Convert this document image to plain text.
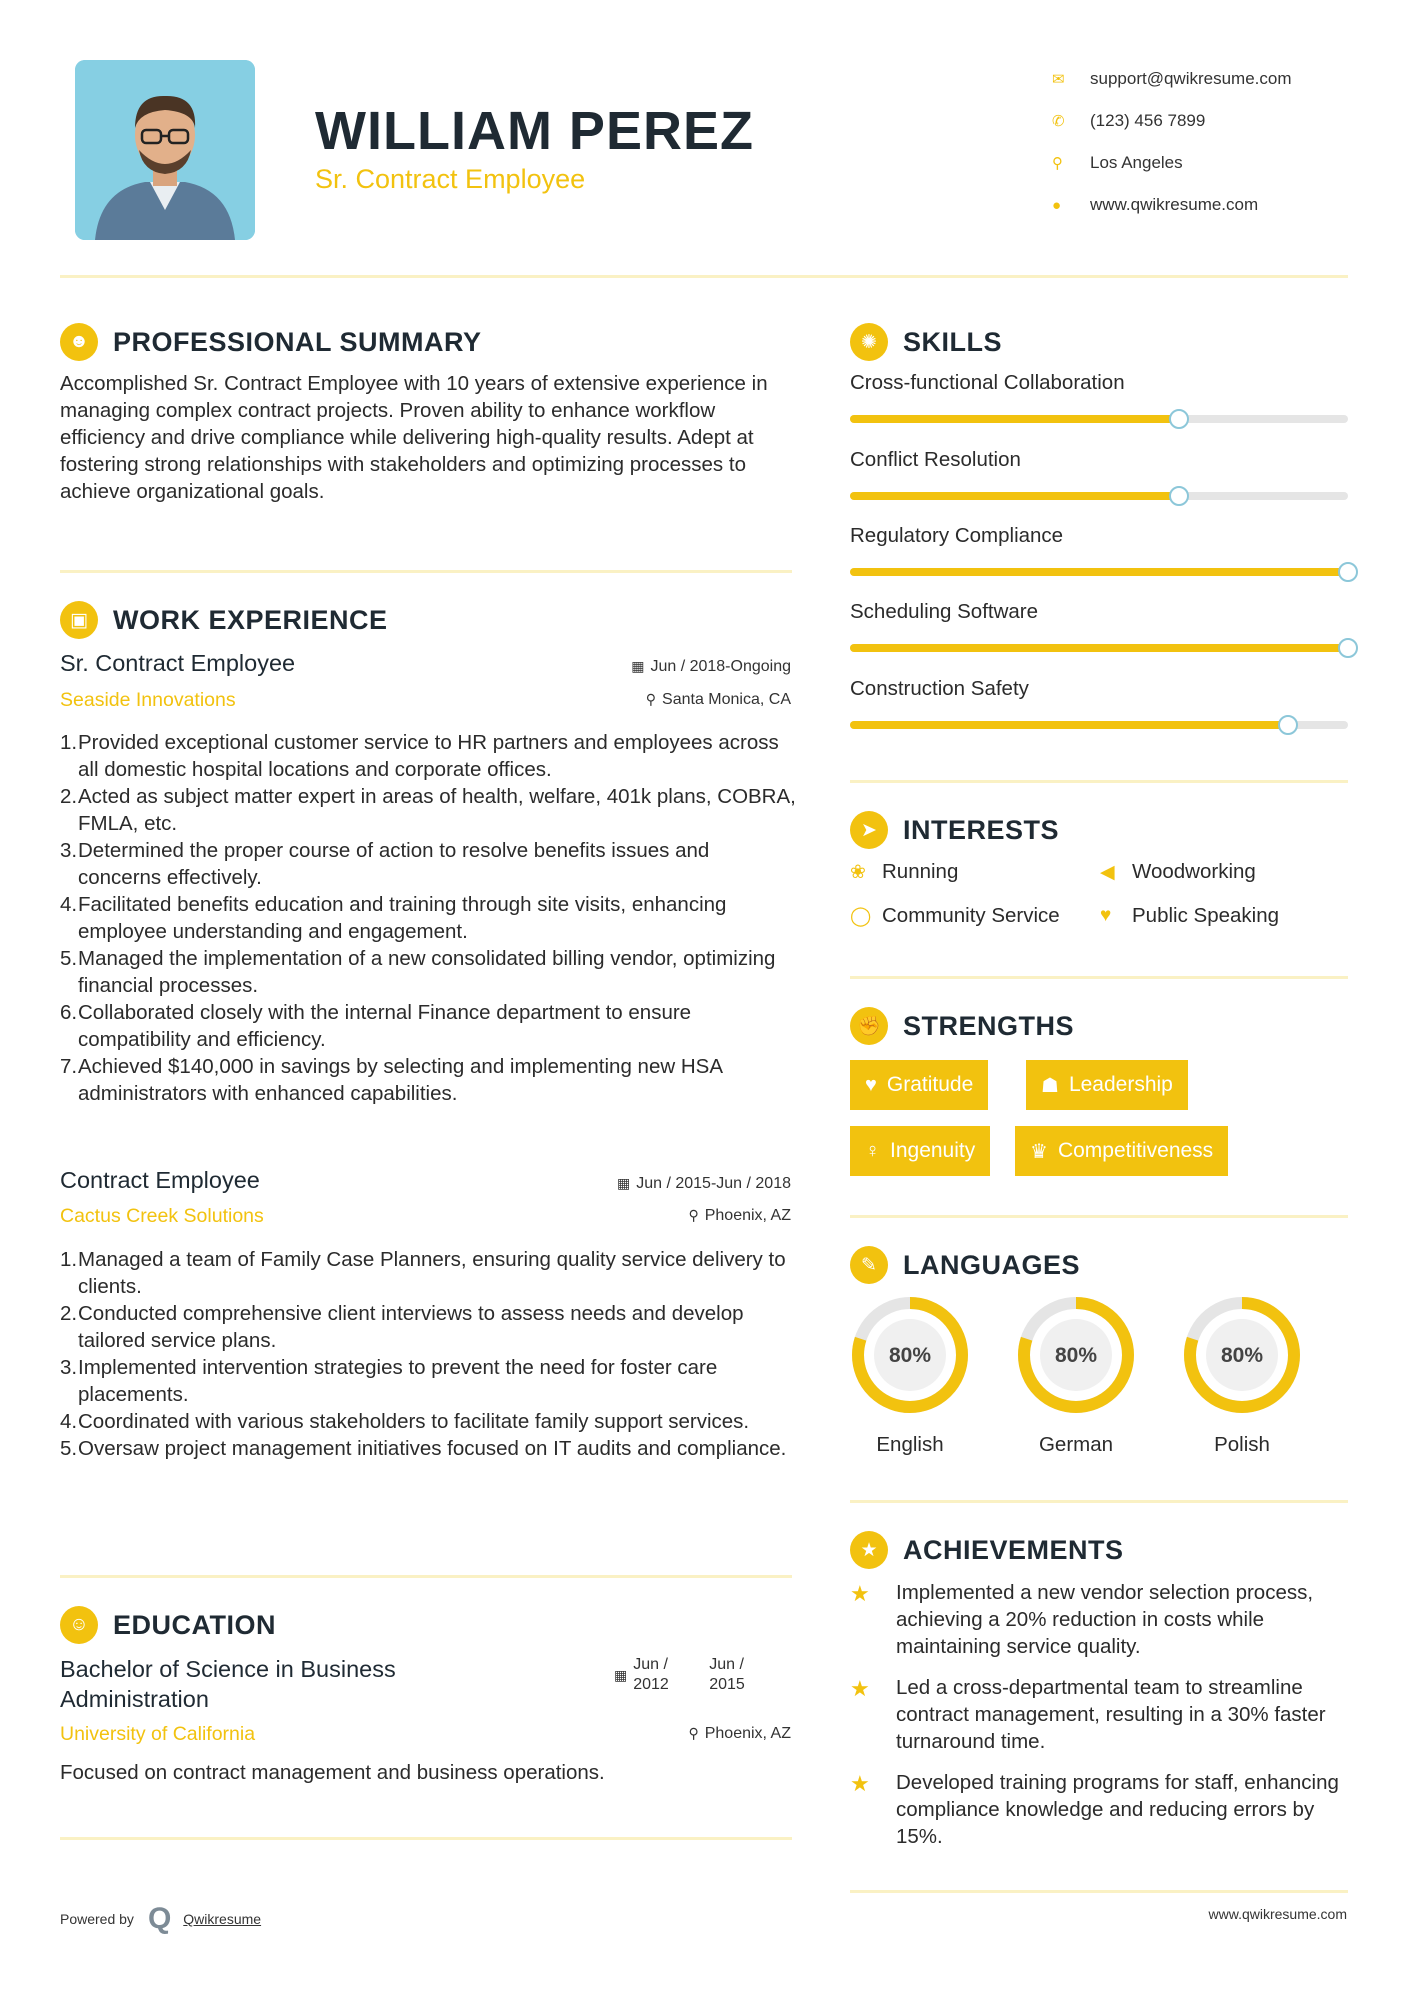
WILLIAM PEREZ
Sr. Contract Employee
✉	support@qwikresume.com
✆	(123) 456 7899
⚲	Los Angeles
●	www.qwikresume.com
☻ PROFESSIONAL SUMMARY
Accomplished Sr. Contract Employee with 10 years of extensive experience in managing complex contract projects. Proven ability to enhance workflow efficiency and drive compliance while delivering high-quality results. Adept at fostering strong relationships with stakeholders and optimizing processes to achieve organizational goals.
▣ WORK EXPERIENCE
Sr. Contract Employee
Seaside Innovations
▦ Jun / 2018-Ongoing
⚲ Santa Monica, CA
1. Provided exceptional customer service to HR partners and employees across all domestic hospital locations and corporate offices.
2. Acted as subject matter expert in areas of health, welfare, 401k plans, COBRA, FMLA, etc.
3. Determined the proper course of action to resolve benefits issues and concerns effectively.
4. Facilitated benefits education and training through site visits, enhancing employee understanding and engagement.
5. Managed the implementation of a new consolidated billing vendor, optimizing financial processes.
6. Collaborated closely with the internal Finance department to ensure compatibility and efficiency.
7. Achieved $140,000 in savings by selecting and implementing new HSA administrators with enhanced capabilities.
Contract Employee
Cactus Creek Solutions
▦ Jun / 2015-Jun / 2018
⚲ Phoenix, AZ
1. Managed a team of Family Case Planners, ensuring quality service delivery to clients.
2. Conducted comprehensive client interviews to assess needs and develop tailored service plans.
3. Implemented intervention strategies to prevent the need for foster care placements.
4. Coordinated with various stakeholders to facilitate family support services.
5. Oversaw project management initiatives focused on IT audits and compliance.
☺ EDUCATION
Bachelor of Science in Business Administration
▦
Jun / 2012
Jun / 2015
University of California	⚲ Phoenix, AZ
Focused on contract management and business operations.
✺ SKILLS
Cross-functional Collaboration
Conflict Resolution
Regulatory Compliance
Scheduling Software
Construction Safety
➤ INTERESTS
❀ Running	◀ Woodworking
◯ Community Service ♥	Public Speaking
✊ STRENGTHS
♥ Gratitude	☗ Leadership
♀ Ingenuity	♛ Competitiveness
✎ LANGUAGES
80%
English
80%
German
80%
Polish
★ ACHIEVEMENTS
★	Implemented a new vendor selection process, achieving a 20% reduction in costs while maintaining service quality.
★	Led a cross-departmental team to streamline contract management, resulting in a 30% faster turnaround time.
★	Developed training programs for staff, enhancing compliance knowledge and reducing errors by 15%.
Powered by Q Qwikresume	www.qwikresume.com
